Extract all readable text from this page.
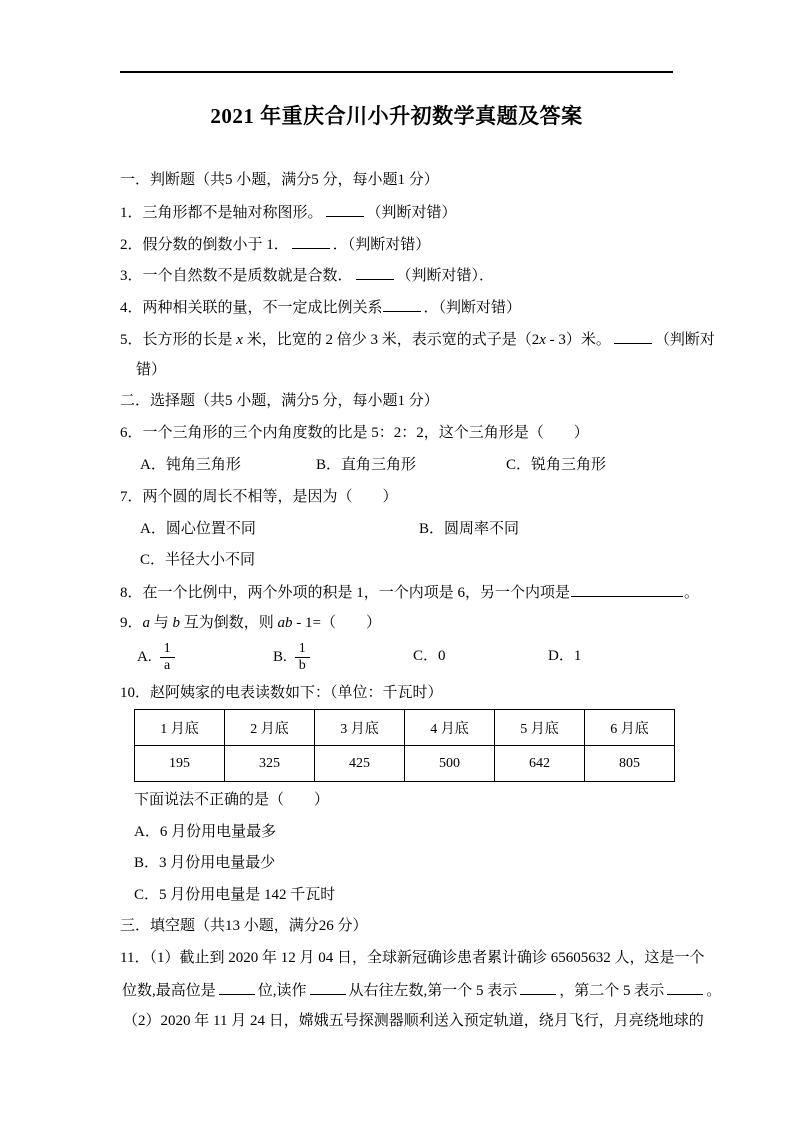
2021 年重庆合川小升初数学真题及答案
一．判断题（共5 小题，满分5 分，每小题1 分）
1．三角形都不是轴对称图形。	（判断对错）
2．假分数的倒数小于 1．	．（判断对错）
3．一个自然数不是质数就是合数．	（判断对错）．
4．两种相关联的量，不一定成比例关系	．（判断对错）
5．长方形的长是 x 米，比宽的 2 倍少 3 米，表示宽的式子是（2x - 3）米。	（判断对
错）
二．选择题（共5 小题，满分5 分，每小题1 分）
6．一个三角形的三个内角度数的比是 5：2：2，这个三角形是（　　）
A．钝角三角形	B．直角三角形	C．锐角三角形
7．两个圆的周长不相等，是因为（　　）
A．圆心位置不同	B．圆周率不同
C．半径大小不同
8．在一个比例中，两个外项的积是 1，一个内项是 6，另一个内项是	。
9．a 与 b 互为倒数，则 ab - 1=（　　）
A. $\frac{1}{a}$	B. $\frac{1}{b}$	C．0	D．1
10．赵阿姨家的电表读数如下：（单位：千瓦时）
1 月底	2 月底	3 月底	4 月底	5 月底	6 月底
195	325	425	500	642	805
下面说法不正确的是（　　）
A．6 月份用电量最多
B．3 月份用电量最少
C．5 月份用电量是 142 千瓦时
三．填空题（共13 小题，满分26 分）
11．（1）截止到 2020 年 12 月 04 日，全球新冠确诊患者累计确诊 65605632 人，这是一个
位数,最高位是	位,读作	从右往左数,第一个 5 表示	，第二个 5 表示	。
（2）2020 年 11 月 24 日，嫦娥五号探测器顺利送入预定轨道，绕月飞行，月亮绕地球的
